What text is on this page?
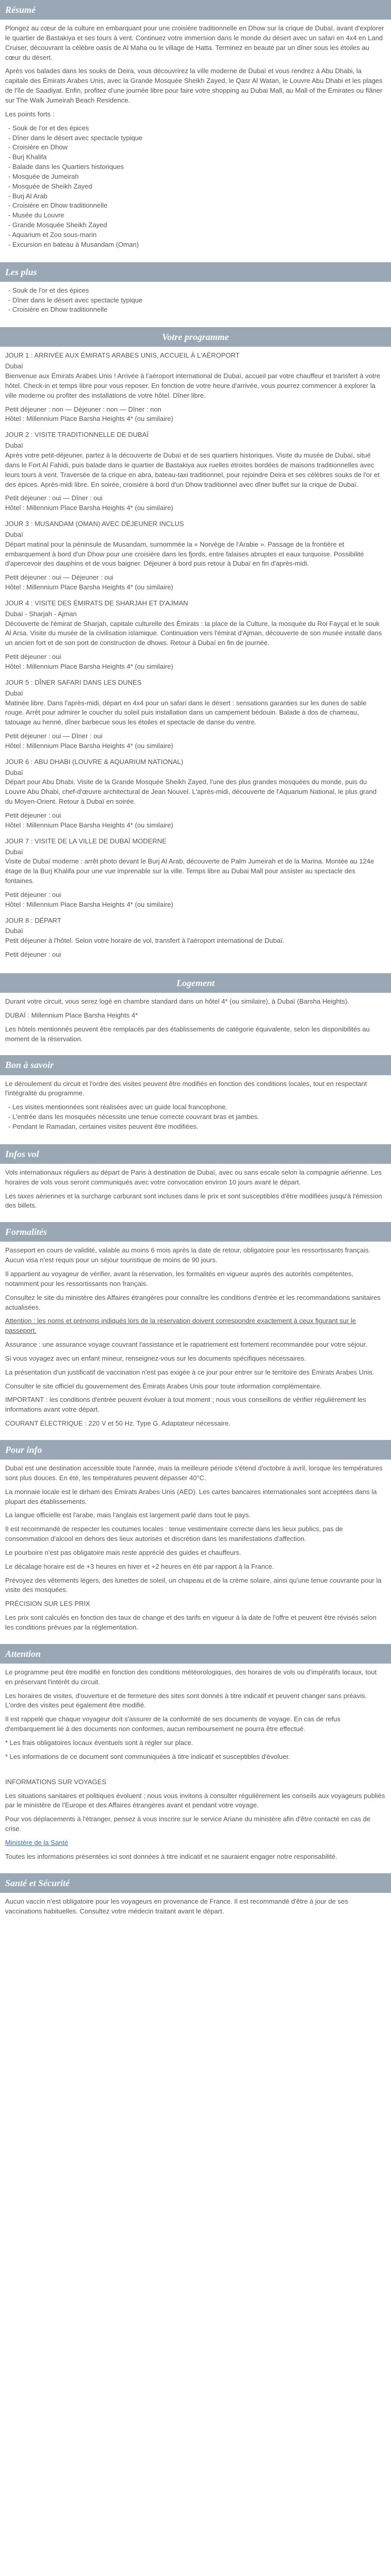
Résumé

Plongez au cœur de la culture en embarquant pour une croisière traditionnelle en Dhow sur la crique de Dubaï, avant d'explorer le quartier de Bastakiya et ses tours à vent. Continuez votre immersion dans le monde du désert avec un safari en 4x4 en Land Cruiser, découvrant la célèbre oasis de Al Maha ou le village de Hatta. Terminez en beauté par un dîner sous les étoiles au cœur du désert.

Après vos balades dans les souks de Deira, vous découvrirez la ville moderne de Dubaï et vous rendrez à Abu Dhabi, la capitale des Émirats Arabes Unis, avec la Grande Mosquée Sheikh Zayed, le Qasr Al Watan, le Louvre Abu Dhabi et les plages de l'île de Saadiyat. Enfin, profitez d'une journée libre pour faire votre shopping au Dubai Mall, au Mall of the Emirates ou flâner sur The Walk Jumeirah Beach Residence.

Les points forts :

- Souk de l'or et des épices
- Dîner dans le désert avec spectacle typique
- Croisière en Dhow
- Burj Khalifa
- Balade dans les Quartiers historiques
- Mosquée de Jumeirah
- Mosquée de Sheikh Zayed
- Burj Al Arab
- Croisière en Dhow traditionnelle
- Musée du Louvre
- Grande Mosquée Sheikh Zayed
- Aquarium et Zoo sous-marin
- Excursion en bateau à Musandam (Oman)
Les plus
- Souk de l'or et des épices
- Dîner dans le désert avec spectacle typique
- Croisière en Dhow traditionnelle
Votre programme

JOUR 1 : ARRIVÉE AUX ÉMIRATS ARABES UNIS, ACCUEIL À L'AÉROPORT

Dubaï

Bienvenue aux Émirats Arabes Unis ! Arrivée à l'aéroport international de Dubaï, accueil par votre chauffeur et transfert à votre hôtel. Check-in et temps libre pour vous reposer. En fonction de votre heure d'arrivée, vous pourrez commencer à explorer la ville moderne ou profiter des installations de votre hôtel. Dîner libre.

Petit déjeuner : non — Déjeuner : non — Dîner : non

Hôtel : Millennium Place Barsha Heights 4* (ou similaire)

JOUR 2 : VISITE TRADITIONNELLE DE DUBAÏ

Dubaï

Après votre petit-déjeuner, partez à la découverte de Dubaï et de ses quartiers historiques. Visite du musée de Dubaï, situé dans le Fort Al Fahidi, puis balade dans le quartier de Bastakiya aux ruelles étroites bordées de maisons traditionnelles avec leurs tours à vent. Traversée de la crique en abra, bateau-taxi traditionnel, pour rejoindre Deira et ses célèbres souks de l'or et des épices. Après-midi libre. En soirée, croisière à bord d'un Dhow traditionnel avec dîner buffet sur la crique de Dubaï.

Petit déjeuner : oui — Dîner : oui

Hôtel : Millennium Place Barsha Heights 4* (ou similaire)

JOUR 3 : MUSANDAM (OMAN) AVEC DÉJEUNER INCLUS

Dubaï

Départ matinal pour la péninsule de Musandam, surnommée la « Norvège de l'Arabie ». Passage de la frontière et embarquement à bord d'un Dhow pour une croisière dans les fjords, entre falaises abruptes et eaux turquoise. Possibilité d'apercevoir des dauphins et de vous baigner. Déjeuner à bord puis retour à Dubaï en fin d'après-midi.

Petit déjeuner : oui — Déjeuner : oui

Hôtel : Millennium Place Barsha Heights 4* (ou similaire)

JOUR 4 : VISITE DES ÉMIRATS DE SHARJAH ET D'AJMAN

Dubaï - Sharjah - Ajman

Découverte de l'émirat de Sharjah, capitale culturelle des Émirats : la place de la Culture, la mosquée du Roi Fayçal et le souk Al Arsa. Visite du musée de la civilisation islamique. Continuation vers l'émirat d'Ajman, découverte de son musée installé dans un ancien fort et de son port de construction de dhows. Retour à Dubaï en fin de journée.

Petit déjeuner : oui

Hôtel : Millennium Place Barsha Heights 4* (ou similaire)

JOUR 5 : DÎNER SAFARI DANS LES DUNES

Dubaï

Matinée libre. Dans l'après-midi, départ en 4x4 pour un safari dans le désert : sensations garanties sur les dunes de sable rouge. Arrêt pour admirer le coucher du soleil puis installation dans un campement bédouin. Balade à dos de chameau, tatouage au henné, dîner barbecue sous les étoiles et spectacle de danse du ventre.

Petit déjeuner : oui — Dîner : oui

Hôtel : Millennium Place Barsha Heights 4* (ou similaire)

JOUR 6 : ABU DHABI (LOUVRE & AQUARIUM NATIONAL)

Dubaï

Départ pour Abu Dhabi. Visite de la Grande Mosquée Sheikh Zayed, l'une des plus grandes mosquées du monde, puis du Louvre Abu Dhabi, chef-d'œuvre architectural de Jean Nouvel. L'après-midi, découverte de l'Aquarium National, le plus grand du Moyen-Orient. Retour à Dubaï en soirée.

Petit déjeuner : oui

Hôtel : Millennium Place Barsha Heights 4* (ou similaire)

JOUR 7 : VISITE DE LA VILLE DE DUBAÏ MODERNE

Dubaï

Visite de Dubaï moderne : arrêt photo devant le Burj Al Arab, découverte de Palm Jumeirah et de la Marina. Montée au 124e étage de la Burj Khalifa pour une vue imprenable sur la ville. Temps libre au Dubai Mall pour assister au spectacle des fontaines.

Petit déjeuner : oui

Hôtel : Millennium Place Barsha Heights 4* (ou similaire)

JOUR 8 : DÉPART

Dubaï

Petit déjeuner à l'hôtel. Selon votre horaire de vol, transfert à l'aéroport international de Dubaï.

Petit déjeuner : oui

Logement

Durant votre circuit, vous serez logé en chambre standard dans un hôtel 4* (ou similaire), à Dubaï (Barsha Heights).

DUBAÏ : Millennium Place Barsha Heights 4*

Les hôtels mentionnés peuvent être remplacés par des établissements de catégorie équivalente, selon les disponibilités au moment de la réservation.

Bon à savoir

Le déroulement du circuit et l'ordre des visites peuvent être modifiés en fonction des conditions locales, tout en respectant l'intégralité du programme.

- Les visites mentionnées sont réalisées avec un guide local francophone.
- L'entrée dans les mosquées nécessite une tenue correcte couvrant bras et jambes.
- Pendant le Ramadan, certaines visites peuvent être modifiées.
Infos vol

Vols internationaux réguliers au départ de Paris à destination de Dubaï, avec ou sans escale selon la compagnie aérienne. Les horaires de vols vous seront communiqués avec votre convocation environ 10 jours avant le départ.

Les taxes aériennes et la surcharge carburant sont incluses dans le prix et sont susceptibles d'être modifiées jusqu'à l'émission des billets.

Formalités

Passeport en cours de validité, valable au moins 6 mois après la date de retour, obligatoire pour les ressortissants français. Aucun visa n'est requis pour un séjour touristique de moins de 90 jours.

Il appartient au voyageur de vérifier, avant la réservation, les formalités en vigueur auprès des autorités compétentes, notamment pour les ressortissants non français.

Consultez le site du ministère des Affaires étrangères pour connaître les conditions d'entrée et les recommandations sanitaires actualisées.

Attention : les noms et prénoms indiqués lors de la réservation doivent correspondre exactement à ceux figurant sur le passeport.

Assurance : une assurance voyage couvrant l'assistance et le rapatriement est fortement recommandée pour votre séjour.

Si vous voyagez avec un enfant mineur, renseignez-vous sur les documents spécifiques nécessaires.

La présentation d'un justificatif de vaccination n'est pas exigée à ce jour pour entrer sur le territoire des Émirats Arabes Unis.

Consulter le site officiel du gouvernement des Émirats Arabes Unis pour toute information complémentaire.

IMPORTANT : les conditions d'entrée peuvent évoluer à tout moment ; nous vous conseillons de vérifier régulièrement les informations avant votre départ.

COURANT ÉLECTRIQUE : 220 V et 50 Hz. Type G. Adaptateur nécessaire.

Pour info

Dubaï est une destination accessible toute l'année, mais la meilleure période s'étend d'octobre à avril, lorsque les températures sont plus douces. En été, les températures peuvent dépasser 40°C.

La monnaie locale est le dirham des Émirats Arabes Unis (AED). Les cartes bancaires internationales sont acceptées dans la plupart des établissements.

La langue officielle est l'arabe, mais l'anglais est largement parlé dans tout le pays.

Il est recommandé de respecter les coutumes locales : tenue vestimentaire correcte dans les lieux publics, pas de consommation d'alcool en dehors des lieux autorisés et discrétion dans les manifestations d'affection.

Le pourboire n'est pas obligatoire mais reste apprécié des guides et chauffeurs.

Le décalage horaire est de +3 heures en hiver et +2 heures en été par rapport à la France.

Prévoyez des vêtements légers, des lunettes de soleil, un chapeau et de la crème solaire, ainsi qu'une tenue couvrante pour la visite des mosquées.

PRÉCISION SUR LES PRIX

Les prix sont calculés en fonction des taux de change et des tarifs en vigueur à la date de l'offre et peuvent être révisés selon les conditions prévues par la réglementation.

Attention

Le programme peut être modifié en fonction des conditions météorologiques, des horaires de vols ou d'impératifs locaux, tout en préservant l'intérêt du circuit.

Les horaires de visites, d'ouverture et de fermeture des sites sont donnés à titre indicatif et peuvent changer sans préavis. L'ordre des visites peut également être modifié.

Il est rappelé que chaque voyageur doit s'assurer de la conformité de ses documents de voyage. En cas de refus d'embarquement lié à des documents non conformes, aucun remboursement ne pourra être effectué.

* Les frais obligatoires locaux éventuels sont à régler sur place.

* Les informations de ce document sont communiquées à titre indicatif et susceptibles d'évoluer.

INFORMATIONS SUR VOYAGES

Les situations sanitaires et politiques évoluent ; nous vous invitons à consulter régulièrement les conseils aux voyageurs publiés par le ministère de l'Europe et des Affaires étrangères avant et pendant votre voyage.

Pour vos déplacements à l'étranger, pensez à vous inscrire sur le service Ariane du ministère afin d'être contacté en cas de crise.

Ministère de la Santé

Toutes les informations présentées ici sont données à titre indicatif et ne sauraient engager notre responsabilité.

Santé et Sécurité

Aucun vaccin n'est obligatoire pour les voyageurs en provenance de France. Il est recommandé d'être à jour de ses vaccinations habituelles. Consultez votre médecin traitant avant le départ.
